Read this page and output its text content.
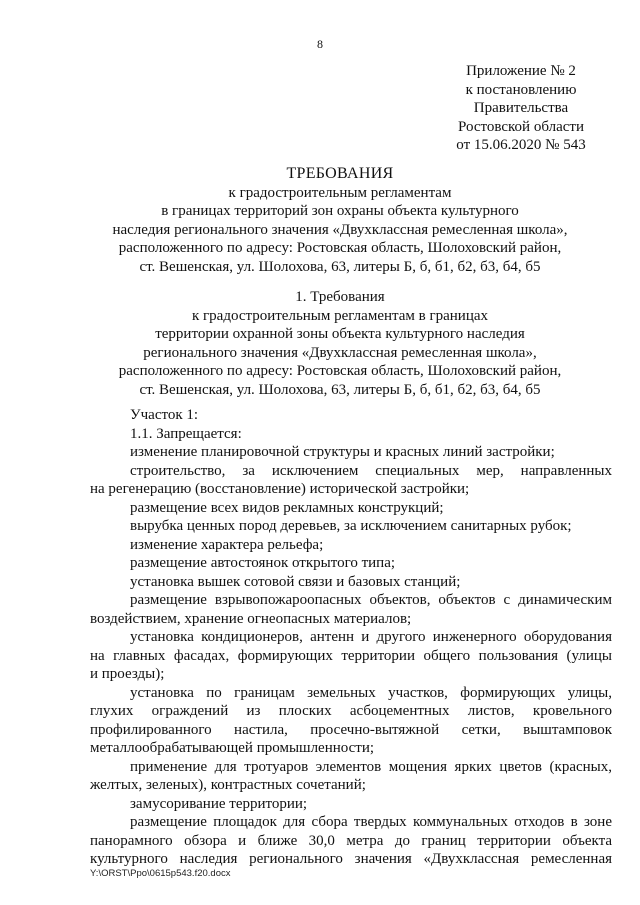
8
Приложение № 2
к постановлению
Правительства
Ростовской области
от 15.06.2020 № 543
ТРЕБОВАНИЯ
к градостроительным регламентам
в границах территорий зон охраны объекта культурного
наследия регионального значения «Двухклассная ремесленная школа»,
расположенного по адресу: Ростовская область, Шолоховский район,
ст. Вешенская, ул. Шолохова, 63, литеры Б, б, б1, б2, б3, б4, б5
1. Требования
к градостроительным регламентам в границах
территории охранной зоны объекта культурного наследия
регионального значения «Двухклассная ремесленная школа»,
расположенного по адресу: Ростовская область, Шолоховский район,
ст. Вешенская, ул. Шолохова, 63, литеры Б, б, б1, б2, б3, б4, б5
Участок 1:
1.1. Запрещается:
изменение планировочной структуры и красных линий застройки;
строительство, за исключением специальных мер, направленных
на регенерацию (восстановление) исторической застройки;
размещение всех видов рекламных конструкций;
вырубка ценных пород деревьев, за исключением санитарных рубок;
изменение характера рельефа;
размещение автостоянок открытого типа;
установка вышек сотовой связи и базовых станций;
размещение взрывопожароопасных объектов, объектов с динамическим
воздействием, хранение огнеопасных материалов;
установка кондиционеров, антенн и другого инженерного оборудования
на главных фасадах, формирующих территории общего пользования (улицы
и проезды);
установка по границам земельных участков, формирующих улицы,
глухих ограждений из плоских асбоцементных листов, кровельного
профилированного настила, просечно-вытяжной сетки, выштамповок
металлообрабатывающей промышленности;
применение для тротуаров элементов мощения ярких цветов (красных,
желтых, зеленых), контрастных сочетаний;
замусоривание территории;
размещение площадок для сбора твердых коммунальных отходов в зоне
панорамного обзора и ближе 30,0 метра до границ территории объекта
культурного наследия регионального значения «Двухклассная ремесленная
Y:\ORST\Ppo\0615p543.f20.docx
